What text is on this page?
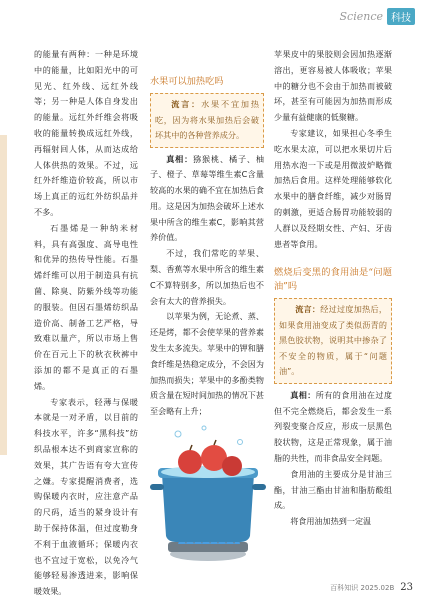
Science 科技

的能量有两种：一种是环境中的能量，比如阳光中的可见光、红外线、远红外线等；另一种是人体自身发出的能量。远红外纤维会将吸收的能量转换成远红外线，再辐射回人体，从而达成给人体供热的效果。不过，远红外纤维造价较高，所以市场上真正的远红外纺织品并不多。

石墨烯是一种纳米材料，具有高强度、高导电性和优异的热传导性能。石墨烯纤维可以用于制造具有抗菌、除臭、防紫外线等功能的服装。但因石墨烯纺织品造价高、制备工艺严格，导致难以量产，所以市场上售价在百元上下的秋衣秋裤中添加的都不是真正的石墨烯。

专家表示，轻薄与保暖本就是一对矛盾，以目前的科技水平，许多“黑科技”纺织品根本达不到商家宣称的效果，其广告语有夸大宣传之嫌。专家提醒消费者，选购保暖内衣时，应注意产品的尺码，适当的紧身设计有助于保持体温，但过度勒身不利于血液循环；保暖内衣也不宜过于宽松，以免冷气能够轻易渗透进来，影响保暖效果。

水果可以加热吃吗

流言：水果不宜加热吃，因为将水果加热后会破坏其中的各种营养成分。

真相：猕猴桃、橘子、柚子、橙子、草莓等维生素C含量较高的水果的确不宜在加热后食用。这是因为加热会破坏上述水果中所含的维生素C，影响其营养价值。

不过，我们常吃的苹果、梨、香蕉等水果中所含的维生素C不算特别多，所以加热后也不会有太大的营养损失。

以苹果为例，无论煮、蒸、还是烤，都不会使苹果的营养素发生太多流失。苹果中的钾和膳食纤维是热稳定成分，不会因为加热而损失；苹果中的多酚类物质含量在短时间加热的情况下甚至会略有上升；

苹果皮中的果胶则会因加热逐渐溶出，更容易被人体吸收；苹果中的糖分也不会由于加热而被破坏，甚至有可能因为加热而形成少量有益健康的低聚糖。

专家建议，如果担心冬季生吃水果太凉，可以把水果切片后用热水泡一下或是用微波炉略微加热后食用。这样处理能够软化水果中的膳食纤维，减少对肠胃的刺激，更适合肠胃功能较弱的人群以及经期女性、产妇、牙齿患者等食用。

燃烧后变黑的食用油是“问题油”吗

流言：经过过度加热后，如果食用油变成了类似沥青的黑色胶状物，说明其中掺杂了不安全的物质，属于“问题油”。

真相：所有的食用油在过度但不完全燃烧后，都会发生一系列裂变聚合反应，形成一层黑色胶状物，这是正常现象，属于油脂的共性，而非食品安全问题。

食用油的主要成分是甘油三酯，甘油三酯由甘油和脂肪酸组成。

将食用油加热到一定温

百科知识 2025.02B 23
